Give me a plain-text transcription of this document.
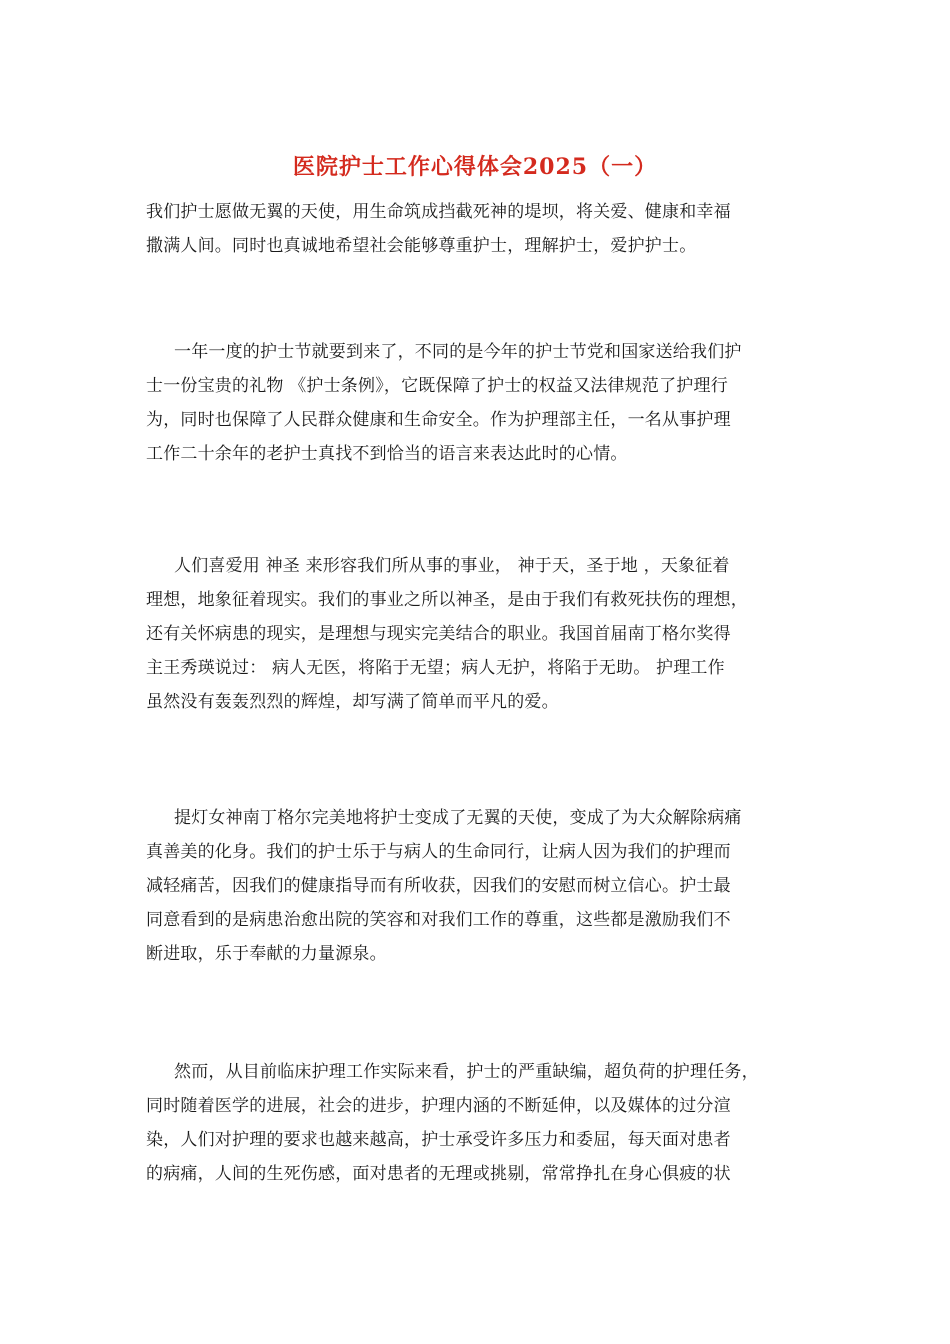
医院护士工作心得体会2025（一）
我们护士愿做无翼的天使，用生命筑成挡截死神的堤坝，将关爱、健康和幸福
撒满人间。同时也真诚地希望社会能够尊重护士，理解护士，爱护护士。
一年一度的护士节就要到来了，不同的是今年的护士节党和国家送给我们护
士一份宝贵的礼物 《护士条例》，它既保障了护士的权益又法律规范了护理行
为，同时也保障了人民群众健康和生命安全。作为护理部主任，一名从事护理
工作二十余年的老护士真找不到恰当的语言来表达此时的心情。
人们喜爱用 神圣 来形容我们所从事的事业， 神于天，圣于地 ，天象征着
理想，地象征着现实。我们的事业之所以神圣，是由于我们有救死扶伤的理想，
还有关怀病患的现实，是理想与现实完美结合的职业。我国首届南丁格尔奖得
主王秀瑛说过： 病人无医，将陷于无望；病人无护，将陷于无助。 护理工作
虽然没有轰轰烈烈的辉煌，却写满了简单而平凡的爱。
提灯女神南丁格尔完美地将护士变成了无翼的天使，变成了为大众解除病痛
真善美的化身。我们的护士乐于与病人的生命同行，让病人因为我们的护理而
减轻痛苦，因我们的健康指导而有所收获，因我们的安慰而树立信心。护士最
同意看到的是病患治愈出院的笑容和对我们工作的尊重，这些都是激励我们不
断进取，乐于奉献的力量源泉。
然而，从目前临床护理工作实际来看，护士的严重缺编，超负荷的护理任务，
同时随着医学的进展，社会的进步，护理内涵的不断延伸，以及媒体的过分渲
染，人们对护理的要求也越来越高，护士承受许多压力和委屈，每天面对患者
的病痛，人间的生死伤感，面对患者的无理或挑剔，常常挣扎在身心俱疲的状
